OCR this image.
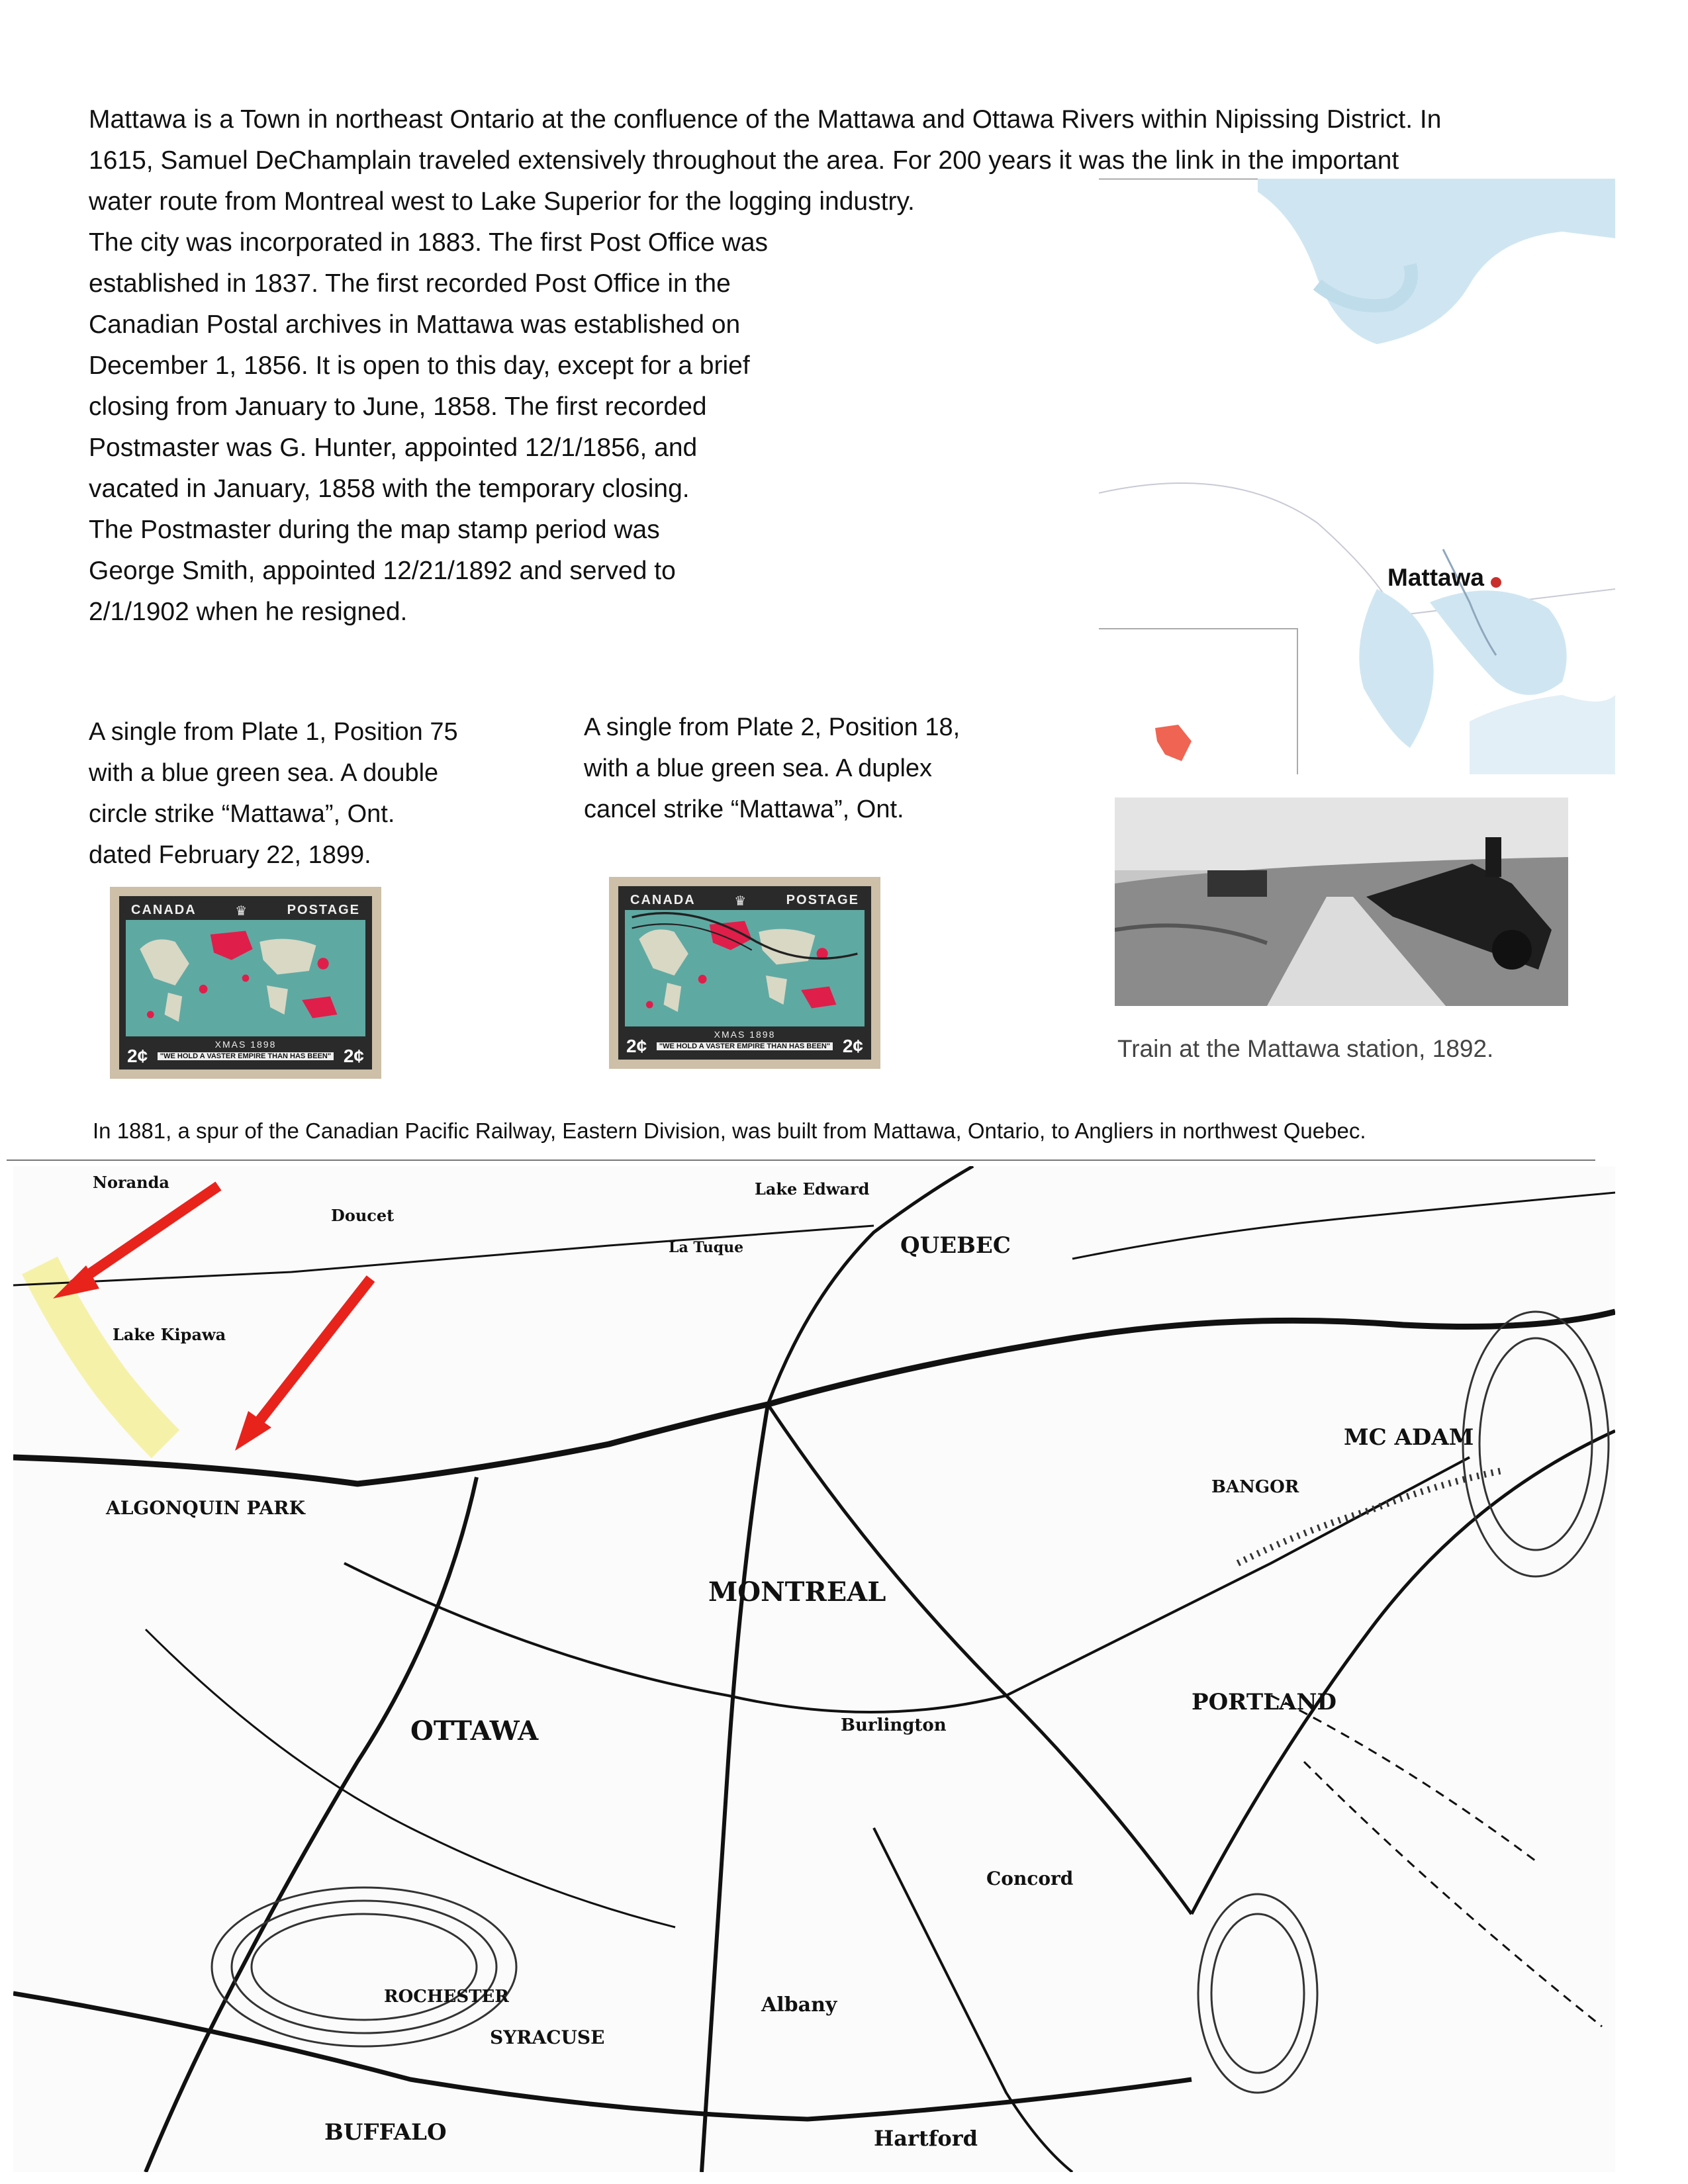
Mattawa is a Town in northeast Ontario at the confluence of the Mattawa and Ottawa Rivers within Nipissing District. In

1615, Samuel DeChamplain traveled extensively throughout the area. For 200 years it was the link in the important

water route from Montreal west to Lake Superior for the logging industry.

The city was incorporated in 1883. The first Post Office was

established in 1837. The first recorded Post Office in the

Canadian Postal archives in Mattawa was established on

December 1, 1856. It is open to this day, except for a brief

closing from January to June, 1858. The first recorded

Postmaster was G. Hunter, appointed 12/1/1856, and

vacated in January, 1858 with the temporary closing.

The Postmaster during the map stamp period was

George Smith, appointed 12/21/1892 and served to

2/1/1902 when he resigned.

Mattawa
A single from Plate 1, Position 75
with a blue green sea. A double
circle strike “Mattawa”, Ont.
dated February 22, 1899.
A single from Plate 2, Position 18,
with a blue green sea. A duplex
cancel strike “Mattawa”, Ont.
CANADA	♛	POSTAGE
XMAS 1898
"WE HOLD A VASTER EMPIRE THAN HAS BEEN"
2¢	2¢
CANADA	♛	POSTAGE
XMAS 1898
"WE HOLD A VASTER EMPIRE THAN HAS BEEN"
2¢	2¢	Train at the Mattawa station, 1892.
In 1881, a spur of the Canadian Pacific Railway, Eastern Division, was built from Mattawa, Ontario, to Angliers in northwest Quebec.
MONTREAL
OTTAWA
ALGONQUIN PARK
QUEBEC
PORTLAND
Albany
Hartford
BUFFALO
SYRACUSE
Concord
Burlington
BANGOR
MC ADAM
Doucet
Lake Edward
La Tuque
Noranda
Lake Kipawa
ROCHESTER
